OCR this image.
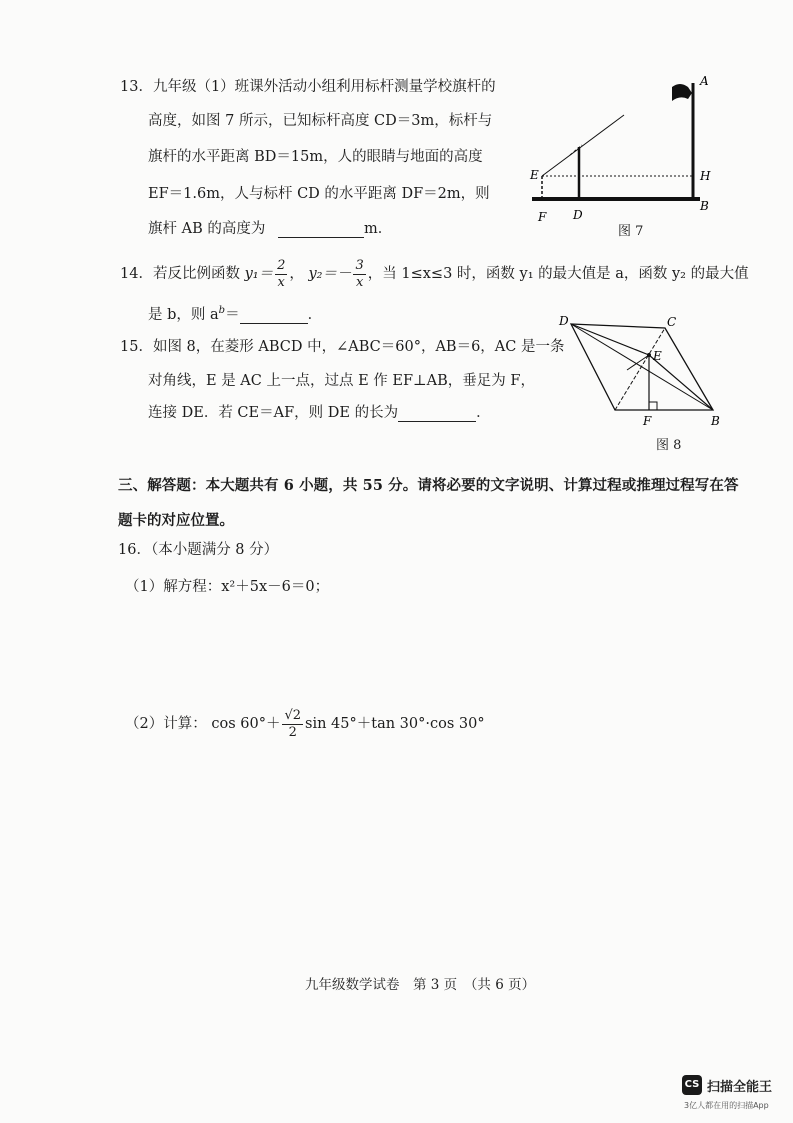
13．九年级（1）班课外活动小组利用标杆测量学校旗杆的
高度，如图 7 所示，已知标杆高度 CD＝3m，标杆与
旗杆的水平距离 BD＝15m，人的眼睛与地面的高度
EF＝1.6m，人与标杆 CD 的水平距离 DF＝2m，则
旗杆 AB 的高度为	m．
A
E	H
B
F D
图 7
14．若反比例函数 $y_1= \frac{2}{x}$ ， $y_2=- \frac{3}{x}$ ，当 1≤x≤3 时，函数 y₁ 的最大值是 a，函数 y₂ 的最大值
是 b，则 $a^b=$	．
15．如图 8，在菱形 ABCD 中，∠ABC＝60°，AB＝6，AC 是一条
对角线，E 是 AC 上一点，过点 E 作 EF⊥AB，垂足为 F，
连接 DE．若 CE＝AF，则 DE 的长为	．
D	C
E
F	B
图 8
三、解答题：本大题共有 6 小题，共 55 分。请将必要的文字说明、计算过程或推理过程写在答
题卡的对应位置。
16．（本小题满分 8 分）
（1）解方程：x²＋5x－6＝0；
（2）计算： $\cos 60^\circ+ \frac{√2}{2}$ sin 45°＋tan 30°·cos 30°
九年级数学试卷　第 3 页　（共 6 页）
CS 扫描全能王
3亿人都在用的扫描App
